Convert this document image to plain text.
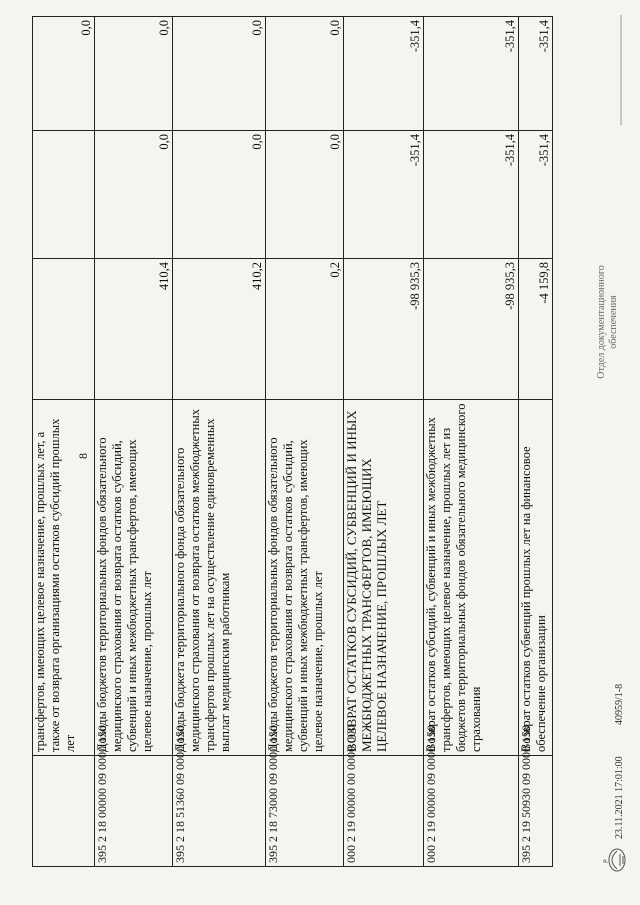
8
	трансфертов, имеющих целевое назначение, прошлых лет, а также от возврата организациями остатков субсидий прошлых лет			0,0
395 2 18 00000 09 0000 150	Доходы бюджетов территориальных фондов обязательного медицинского страхования от возврата остатков субсидий, субвенций и иных межбюджетных трансфертов, имеющих целевое назначение, прошлых лет	410,4	0,0	0,0
395 2 18 51360 09 0000 150	Доходы бюджета территориального фонда обязательного медицинского страхования от возврата остатков межбюджетных трансфертов прошлых лет на осуществление единовременных выплат медицинским работникам	410,2	0,0	0,0
395 2 18 73000 09 0000 150	Доходы бюджетов территориальных фондов обязательного медицинского страхования от возврата остатков субсидий, субвенций и иных межбюджетных трансфертов, имеющих целевое назначение, прошлых лет	0,2	0,0	0,0
000 2 19 00000 00 0000 000	ВОЗВРАТ ОСТАТКОВ СУБСИДИЙ, СУБВЕНЦИЙ И ИНЫХ МЕЖБЮДЖЕТНЫХ ТРАНСФЕРТОВ, ИМЕЮЩИХ ЦЕЛЕВОЕ НАЗНАЧЕНИЕ, ПРОШЛЫХ ЛЕТ	-98 935,3	-351,4	-351,4
000 2 19 00000 09 0000 150	Возврат остатков субсидий, субвенций и иных межбюджетных трансфертов, имеющих целевое назначение, прошлых лет из бюджетов территориальных фондов обязательного медицинского страхования	-98 935,3	-351,4	-351,4
395 2 19 50930 09 0000 150	Возврат остатков субвенций прошлых лет на финансовое обеспечение организации	-4 159,8	-351,4	-351,4
Р
23.11.2021 17:01:00
40959/1-8
Отдел документационного обеспечения
